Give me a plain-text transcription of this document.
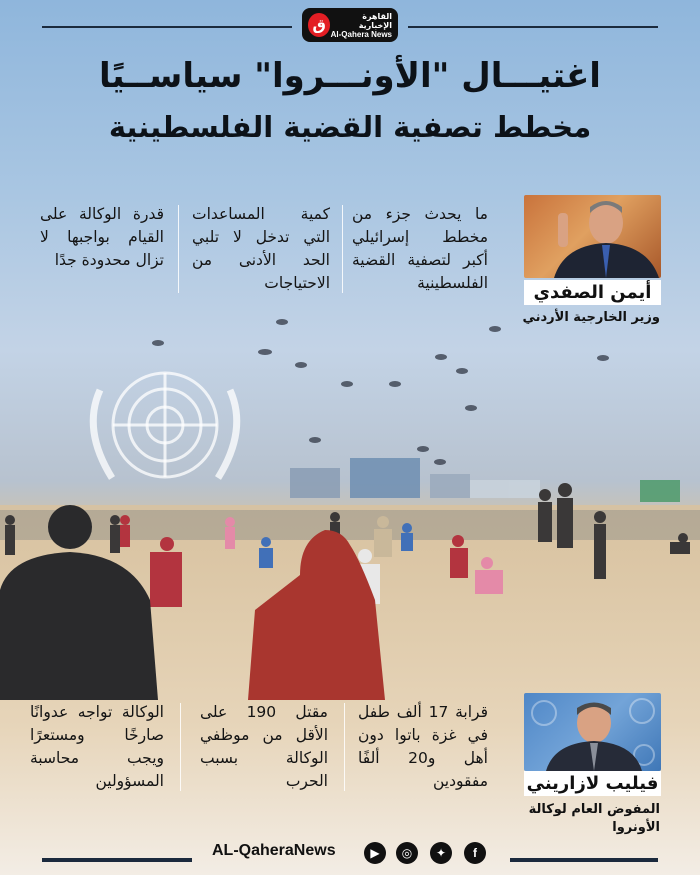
ق	القاهرة الإخبارية
Al-Qahera News
اغتيـــال "الأونـــروا" سياســيًا
مخطط تصفية القضية الفلسطينية
أيمن الصفدي
وزير الخارجية الأردني
ما يحدث جزء من مخطط إسرائيلي أكبر لتصفية القضية الفلسطينية
كمية المساعدات التي تدخل لا تلبي الحد الأدنى من الاحتياجات
قدرة الوكالة على القيام بواجبها لا تزال محدودة جدًا
فيليب لازاريني
المفوض العام لوكالة
الأونروا
قرابة 17 ألف طفل في غزة باتوا دون أهل و20 ألفًا مفقودين
مقتل 190 على الأقل من موظفي الوكالة بسبب الحرب
الوكالة تواجه عدوانًا صارخًا ومستعرًا ويجب محاسبة المسؤولين
AL-QaheraNews	▶	◎	✦	f
